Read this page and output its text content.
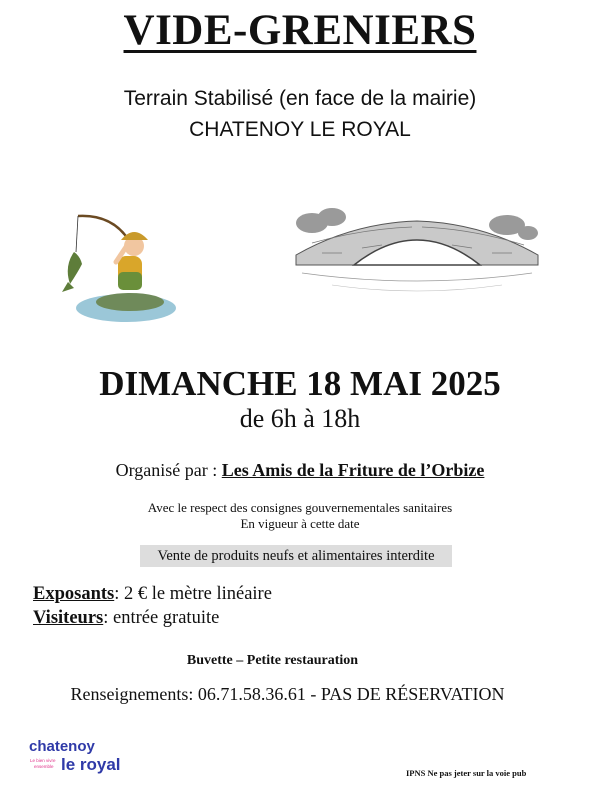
VIDE-GRENIERS
Terrain Stabilisé (en face de la mairie)
CHATENOY LE ROYAL
DIMANCHE 18 MAI 2025
de 6h à 18h
Organisé par : Les Amis de la Friture de l’Orbize
Avec le respect des consignes gouvernementales sanitaires
En vigueur à cette date
Vente de produits neufs et alimentaires interdite
Exposants: 2 € le mètre linéaire
Visiteurs: entrée gratuite
Buvette – Petite restauration
Renseignements: 06.71.58.36.61 - PAS DE RÉSERVATION
chatenoy
le royal
Le bien vivre
ensemble
IPNS Ne pas jeter sur la voie pub
